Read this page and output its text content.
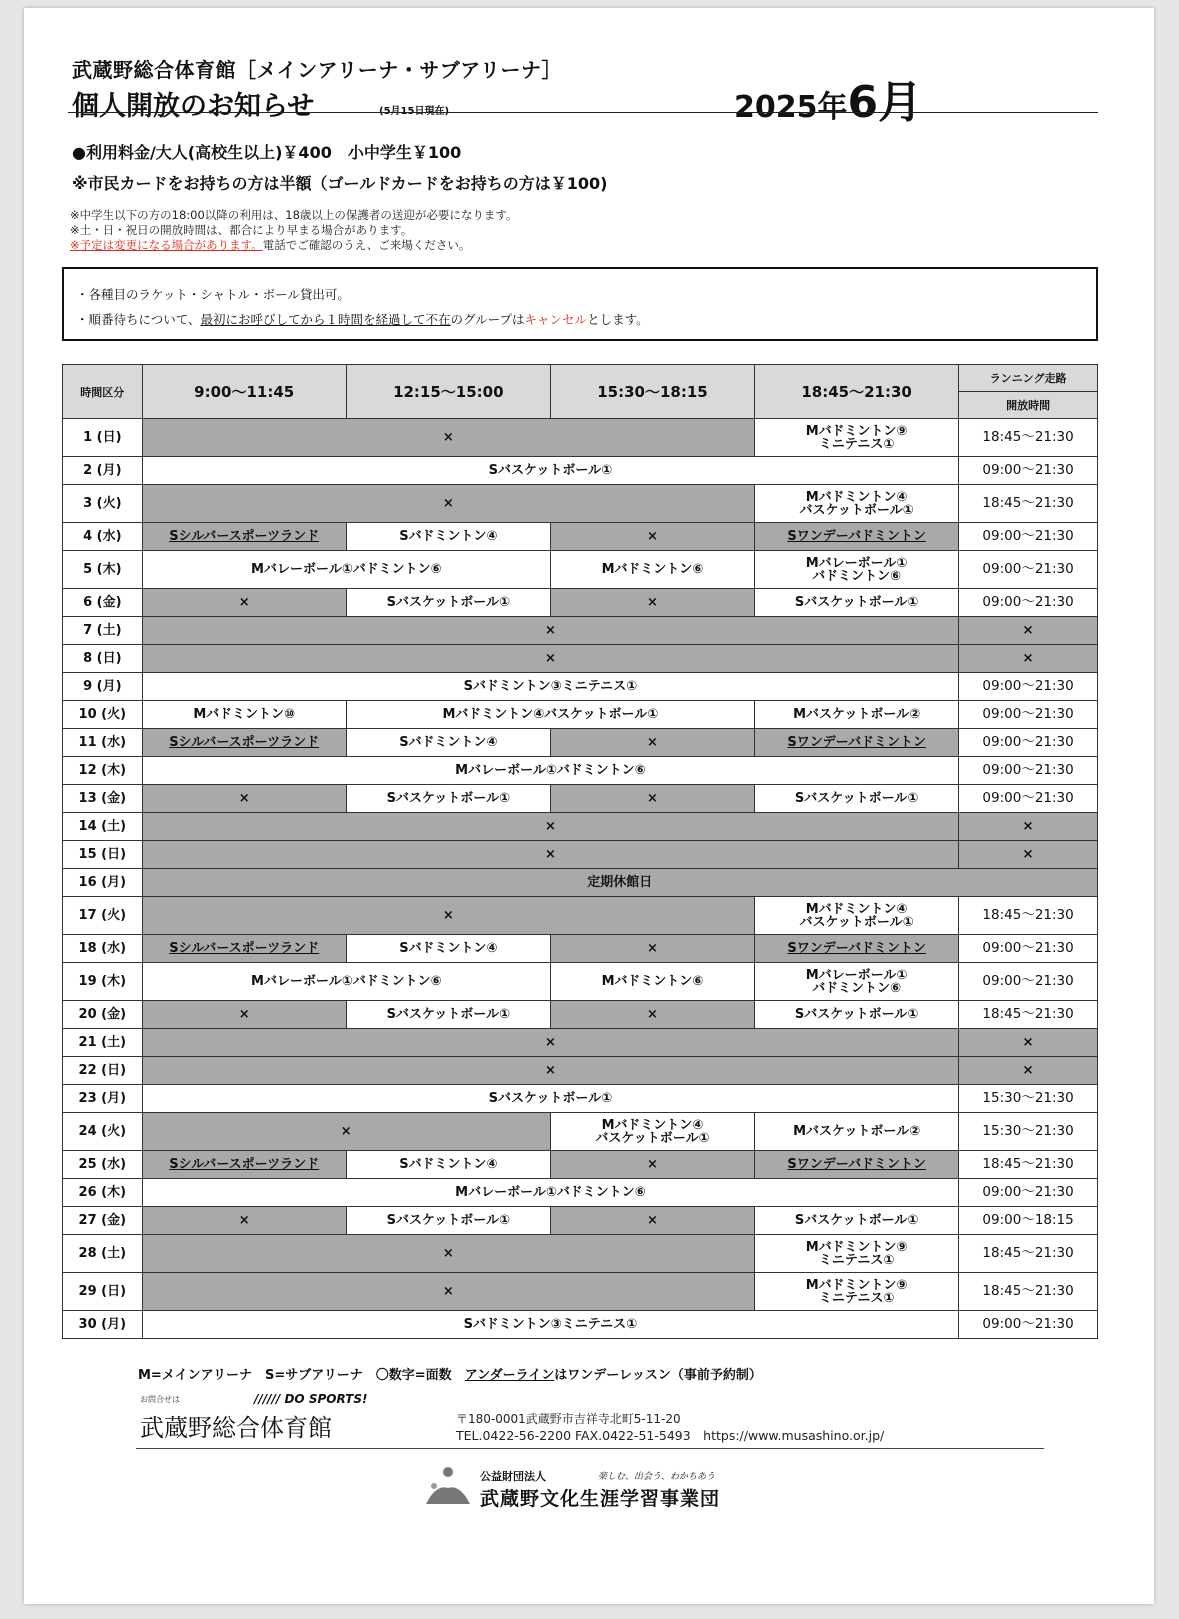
武蔵野総合体育館［メインアリーナ・サブアリーナ］
個人開放のお知らせ	(5月15日現在)	2025年6月
●利用料金/大人(高校生以上)￥400　小中学生￥100
※市民カードをお持ちの方は半額（ゴールドカードをお持ちの方は￥100)
※中学生以下の方の18:00以降の利用は、18歳以上の保護者の送迎が必要になります。
※土・日・祝日の開放時間は、都合により早まる場合があります。
※予定は変更になる場合があります。電話でご確認のうえ、ご来場ください。
・各種目のラケット・シャトル・ボール貸出可。
・順番待ちについて、最初にお呼びしてから１時間を経過して不在のグループはキャンセルとします。
時間区分	9:00～11:45	12:15～15:00	15:30～18:15	18:45～21:30	ランニング走路
					開放時間
1 (日)	×			Mバドミントン⑨
ミニテニス①	18:45～21:30
2 (月)	Sバスケットボール①				09:00～21:30
3 (火)	×			Mバドミントン④
バスケットボール①	18:45～21:30
4 (水)	Sシルバースポーツランド	Sバドミントン④	×	Sワンデーバドミントン	09:00～21:30
5 (木)	Mバレーボール①バドミントン⑥		Mバドミントン⑥	Mバレーボール①
バドミントン⑥	09:00～21:30
6 (金)	×	Sバスケットボール①	×	Sバスケットボール①	09:00～21:30
7 (土)	×				×
8 (日)	×				×
9 (月)	Sバドミントン③ミニテニス①				09:00～21:30
10 (火)	Mバドミントン⑩	Mバドミントン④バスケットボール①		Mバスケットボール②	09:00～21:30
11 (水)	Sシルバースポーツランド	Sバドミントン④	×	Sワンデーバドミントン	09:00～21:30
12 (木)	Mバレーボール①バドミントン⑥				09:00～21:30
13 (金)	×	Sバスケットボール①	×	Sバスケットボール①	09:00～21:30
14 (土)	×				×
15 (日)	×				×
16 (月)	定期休館日				
17 (火)	×			Mバドミントン④
バスケットボール①	18:45～21:30
18 (水)	Sシルバースポーツランド	Sバドミントン④	×	Sワンデーバドミントン	09:00～21:30
19 (木)	Mバレーボール①バドミントン⑥		Mバドミントン⑥	Mバレーボール①
バドミントン⑥	09:00～21:30
20 (金)	×	Sバスケットボール①	×	Sバスケットボール①	18:45～21:30
21 (土)	×				×
22 (日)	×				×
23 (月)	Sバスケットボール①				15:30～21:30
24 (火)	×		Mバドミントン④
バスケットボール①	Mバスケットボール②	15:30～21:30
25 (水)	Sシルバースポーツランド	Sバドミントン④	×	Sワンデーバドミントン	18:45～21:30
26 (木)	Mバレーボール①バドミントン⑥				09:00～21:30
27 (金)	×	Sバスケットボール①	×	Sバスケットボール①	09:00～18:15
28 (土)	×			Mバドミントン⑨
ミニテニス①	18:45～21:30
29 (日)	×			Mバドミントン⑨
ミニテニス①	18:45～21:30
30 (月)	Sバドミントン③ミニテニス①				09:00～21:30
M=メインアリーナ　S=サブアリーナ　〇数字=面数　アンダーラインはワンデーレッスン（事前予約制）
お問合せは	////// DO SPORTS!
武蔵野総合体育館	〒180-0001武蔵野市吉祥寺北町5-11-20
TEL.0422-56-2200 FAX.0422-51-5493　https://www.musashino.or.jp/
公益財団法人	楽しむ、出会う、わかちあう
武蔵野文化生涯学習事業団
